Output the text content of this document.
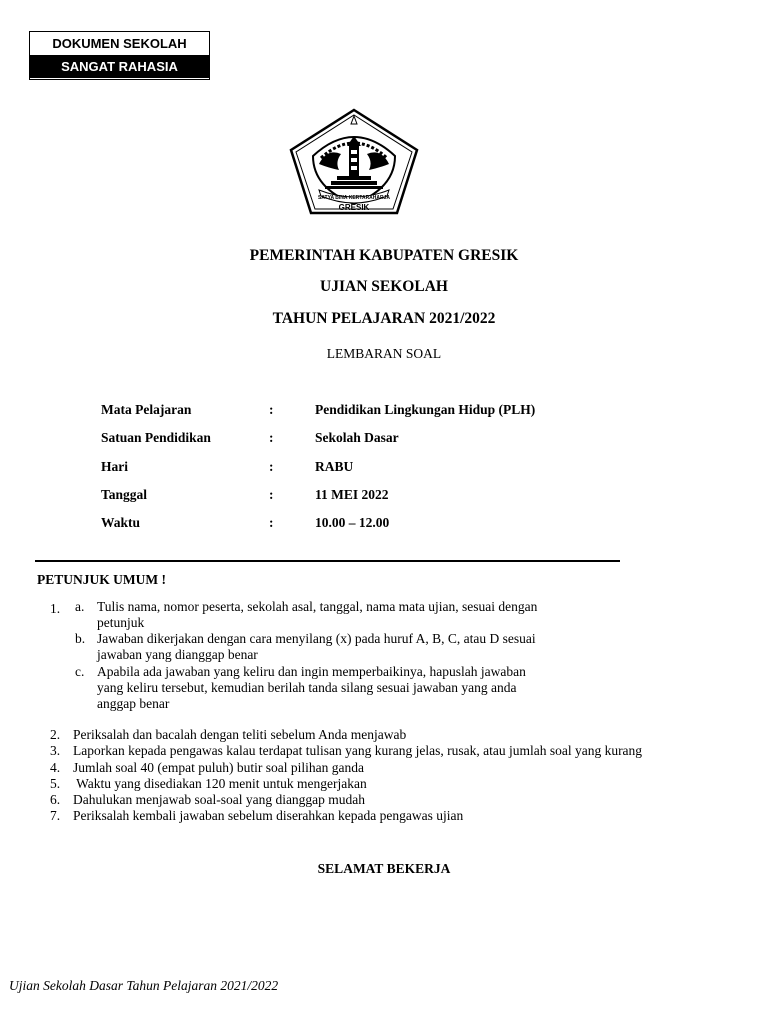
DOKUMEN SEKOLAH
SANGAT RAHASIA
SATYA BINA KERTARAHARJA
GRESIK
PEMERINTAH KABUPATEN GRESIK
UJIAN SEKOLAH
TAHUN PELAJARAN 2021/2022
LEMBARAN SOAL
Mata Pelajaran	:	Pendidikan Lingkungan Hidup (PLH)
Satuan Pendidikan	:	Sekolah Dasar
Hari	:	RABU
Tanggal	:	11 MEI 2022
Waktu	:	10.00 – 12.00
PETUNJUK UMUM !
1. a. Tulis nama, nomor peserta, sekolah asal, tanggal, nama mata ujian, sesuai dengan
petunjuk
b. Jawaban dikerjakan dengan cara menyilang (x) pada huruf A, B, C, atau D sesuai
jawaban yang dianggap benar
c. Apabila ada jawaban yang keliru dan ingin memperbaikinya, hapuslah jawaban
yang keliru tersebut, kemudian berilah tanda silang sesuai jawaban yang anda
anggap benar
2. Periksalah dan bacalah dengan teliti sebelum Anda menjawab
3. Laporkan kepada pengawas kalau terdapat tulisan yang kurang jelas, rusak, atau jumlah soal yang kurang
4. Jumlah soal 40 (empat puluh) butir soal pilihan ganda
5. Waktu yang disediakan 120 menit untuk mengerjakan
6. Dahulukan menjawab soal-soal yang dianggap mudah
7. Periksalah kembali jawaban sebelum diserahkan kepada pengawas ujian
SELAMAT BEKERJA
Ujian Sekolah Dasar Tahun Pelajaran 2021/2022
